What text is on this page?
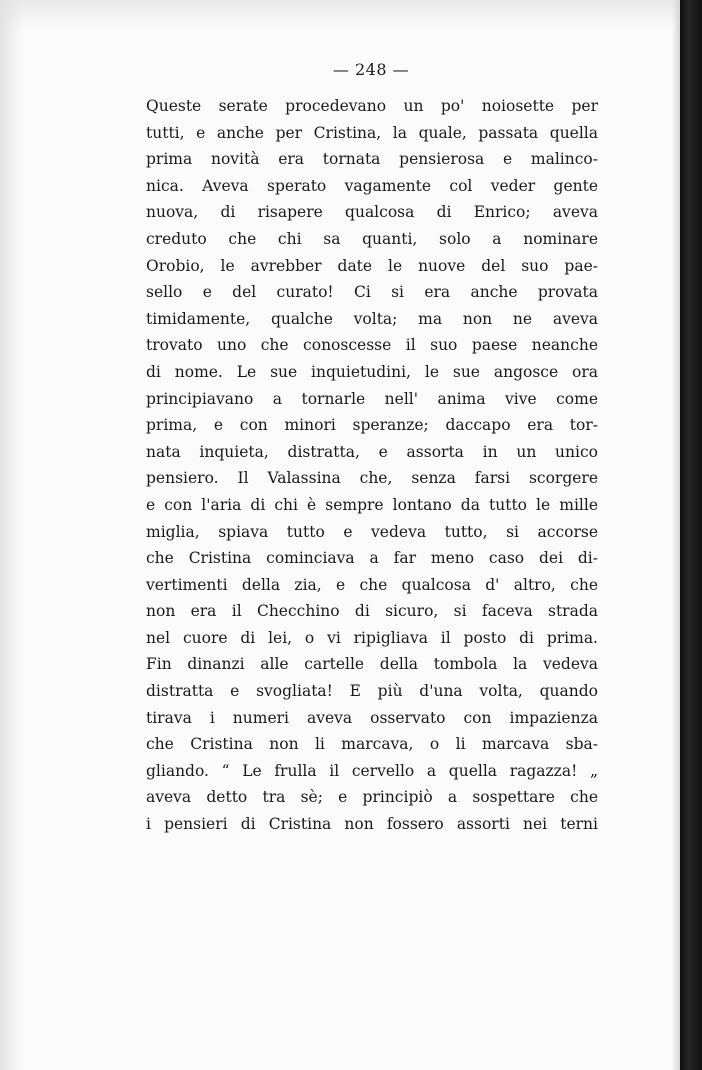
— 248 —
Queste serate procedevano un po' noiosette per
tutti, e anche per Cristina, la quale, passata quella
prima novità era tornata pensierosa e malinco-
nica. Aveva sperato vagamente col veder gente
nuova, di risapere qualcosa di Enrico; aveva
creduto che chi sa quanti, solo a nominare
Orobio, le avrebber date le nuove del suo pae-
sello e del curato! Ci si era anche provata
timidamente, qualche volta; ma non ne aveva
trovato uno che conoscesse il suo paese neanche
di nome. Le sue inquietudini, le sue angosce ora
principiavano a tornarle nell' anima vive come
prima, e con minori speranze; daccapo era tor-
nata inquieta, distratta, e assorta in un unico
pensiero. Il Valassina che, senza farsi scorgere
e con l'aria di chi è sempre lontano da tutto le mille
miglia, spiava tutto e vedeva tutto, si accorse
che Cristina cominciava a far meno caso dei di-
vertimenti della zia, e che qualcosa d' altro, che
non era il Checchino di sicuro, si faceva strada
nel cuore di lei, o vi ripigliava il posto di prima.
Fin dinanzi alle cartelle della tombola la vedeva
distratta e svogliata! E più d'una volta, quando
tirava i numeri aveva osservato con impazienza
che Cristina non li marcava, o li marcava sba-
gliando. “ Le frulla il cervello a quella ragazza! „
aveva detto tra sè; e principiò a sospettare che
i pensieri di Cristina non fossero assorti nei terni
